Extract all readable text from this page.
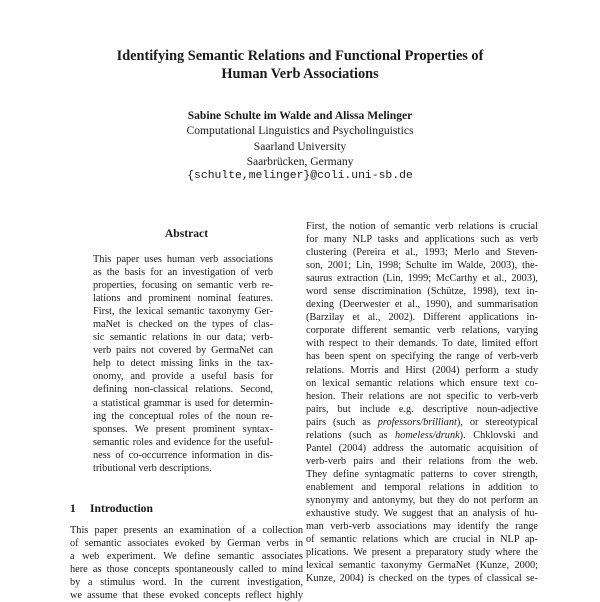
Identifying Semantic Relations and Functional Properties of
Human Verb Associations
Sabine Schulte im Walde and Alissa Melinger
Computational Linguistics and Psycholinguistics
Saarland University
Saarbrücken, Germany
{schulte,melinger}@coli.uni-sb.de
Abstract
This paper uses human verb associations
as the basis for an investigation of verb
properties, focusing on semantic verb re-
lations and prominent nominal features.
First, the lexical semantic taxonymy Ger-
maNet is checked on the types of clas-
sic semantic relations in our data; verb-
verb pairs not covered by GermaNet can
help to detect missing links in the tax-
onomy, and provide a useful basis for
defining non-classical relations. Second,
a statistical grammar is used for determin-
ing the conceptual roles of the noun re-
sponses. We present prominent syntax-
semantic roles and evidence for the useful-
ness of co-occurrence information in dis-
tributional verb descriptions.
1 Introduction
This paper presents an examination of a collection
of semantic associates evoked by German verbs in
a web experiment. We define semantic associates
here as those concepts spontaneously called to mind
by a stimulus word. In the current investigation,
we assume that these evoked concepts reflect highly
First, the notion of semantic verb relations is crucial
for many NLP tasks and applications such as verb
clustering (Pereira et al., 1993; Merlo and Steven-
son, 2001; Lin, 1998; Schulte im Walde, 2003), the-
saurus extraction (Lin, 1999; McCarthy et al., 2003),
word sense discrimination (Schütze, 1998), text in-
dexing (Deerwester et al., 1990), and summarisation
(Barzilay et al., 2002). Different applications in-
corporate different semantic verb relations, varying
with respect to their demands. To date, limited effort
has been spent on specifying the range of verb-verb
relations. Morris and Hirst (2004) perform a study
on lexical semantic relations which ensure text co-
hesion. Their relations are not specific to verb-verb
pairs, but include e.g. descriptive noun-adjective
pairs (such as professors/brilliant), or stereotypical
relations (such as homeless/drunk). Chklovski and
Pantel (2004) address the automatic acquisition of
verb-verb pairs and their relations from the web.
They define syntagmatic patterns to cover strength,
enablement and temporal relations in addition to
synonymy and antonymy, but they do not perform an
exhaustive study. We suggest that an analysis of hu-
man verb-verb associations may identify the range
of semantic relations which are crucial in NLP ap-
plications. We present a preparatory study where the
lexical semantic taxonymy GermaNet (Kunze, 2000;
Kunze, 2004) is checked on the types of classical se-
